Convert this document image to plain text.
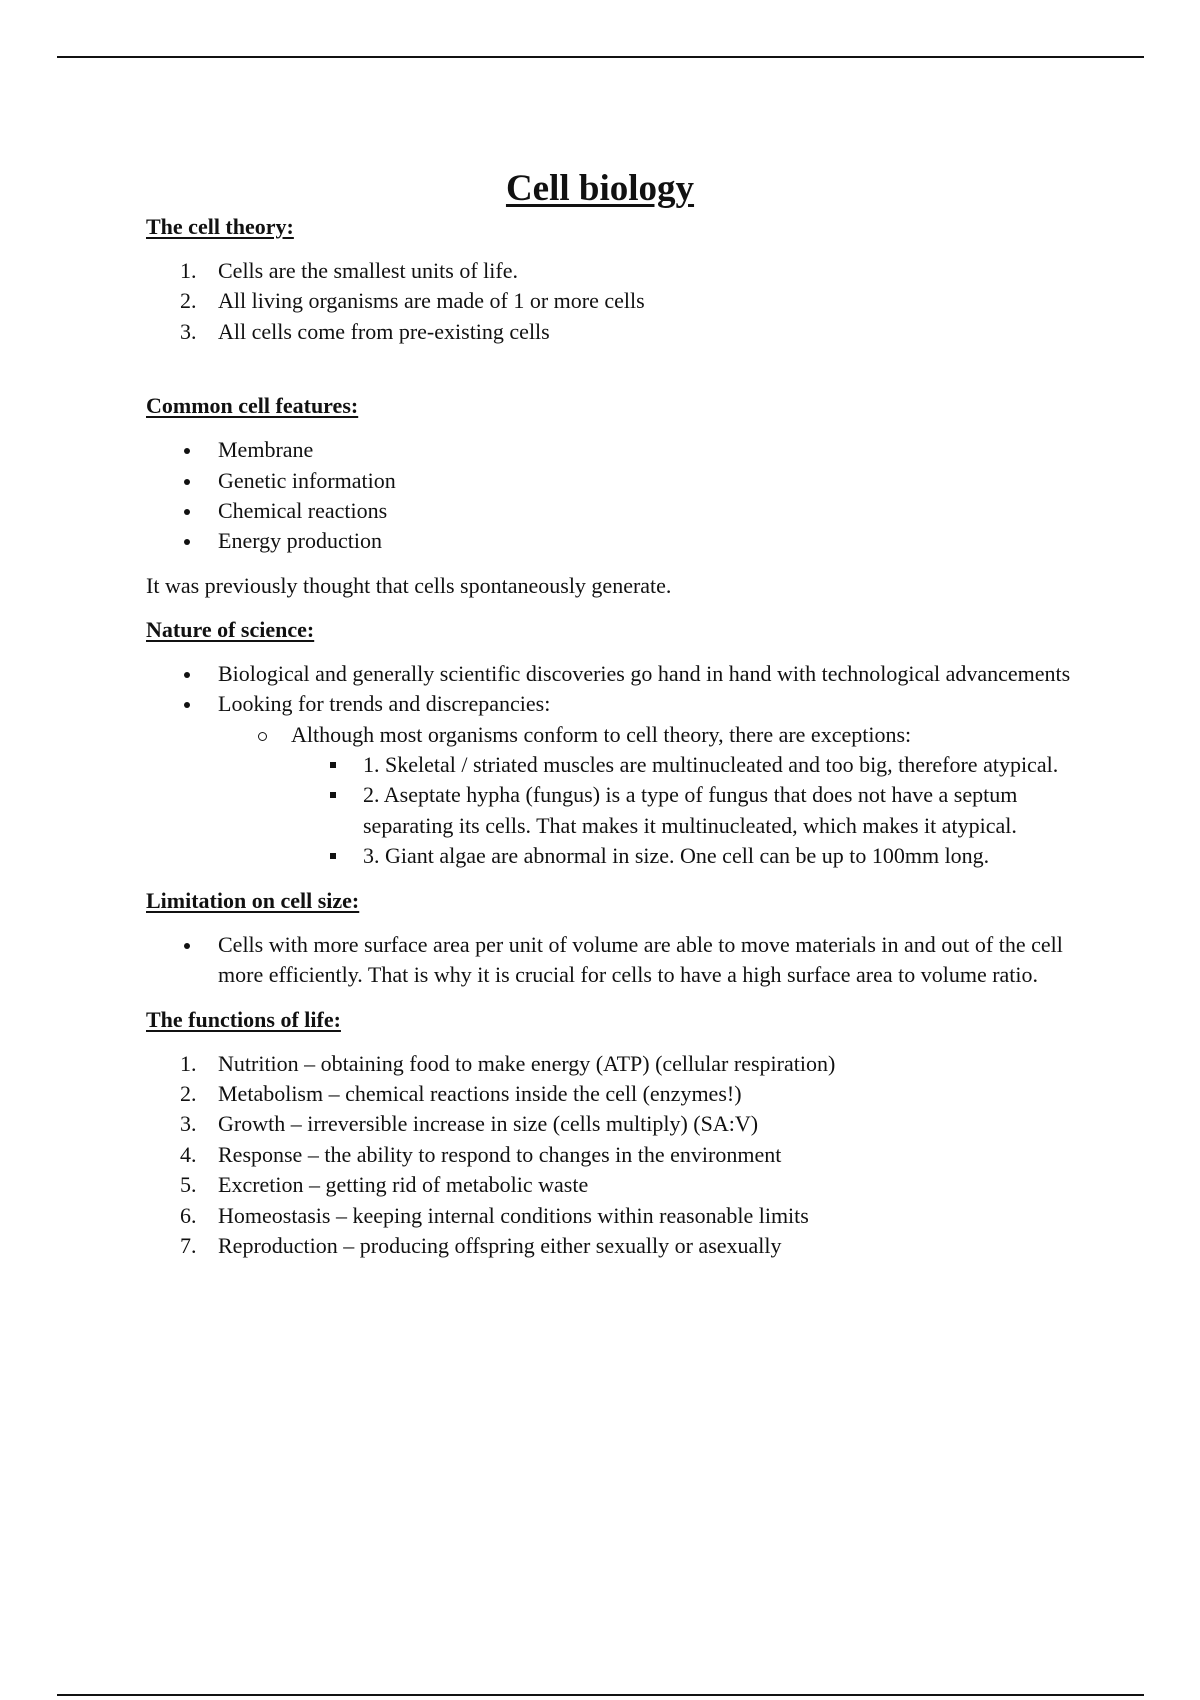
Cell biology

The cell theory:

1. Cells are the smallest units of life.
2. All living organisms are made of 1 or more cells
3. All cells come from pre-existing cells

Common cell features:

Membrane
Genetic information
Chemical reactions
Energy production

It was previously thought that cells spontaneously generate.

Nature of science:

Biological and generally scientific discoveries go hand in hand with technological advancements
Looking for trends and discrepancies:
Although most organisms conform to cell theory, there are exceptions:
1. Skeletal / striated muscles are multinucleated and too big, therefore atypical.
2. Aseptate hypha (fungus) is a type of fungus that does not have a septum separating its cells. That makes it multinucleated, which makes it atypical.
3. Giant algae are abnormal in size. One cell can be up to 100mm long.

Limitation on cell size:

Cells with more surface area per unit of volume are able to move materials in and out of the cell more efficiently. That is why it is crucial for cells to have a high surface area to volume ratio.

The functions of life:

1. Nutrition – obtaining food to make energy (ATP) (cellular respiration)
2. Metabolism – chemical reactions inside the cell (enzymes!)
3. Growth – irreversible increase in size (cells multiply) (SA:V)
4. Response – the ability to respond to changes in the environment
5. Excretion – getting rid of metabolic waste
6. Homeostasis – keeping internal conditions within reasonable limits
7. Reproduction – producing offspring either sexually or asexually
